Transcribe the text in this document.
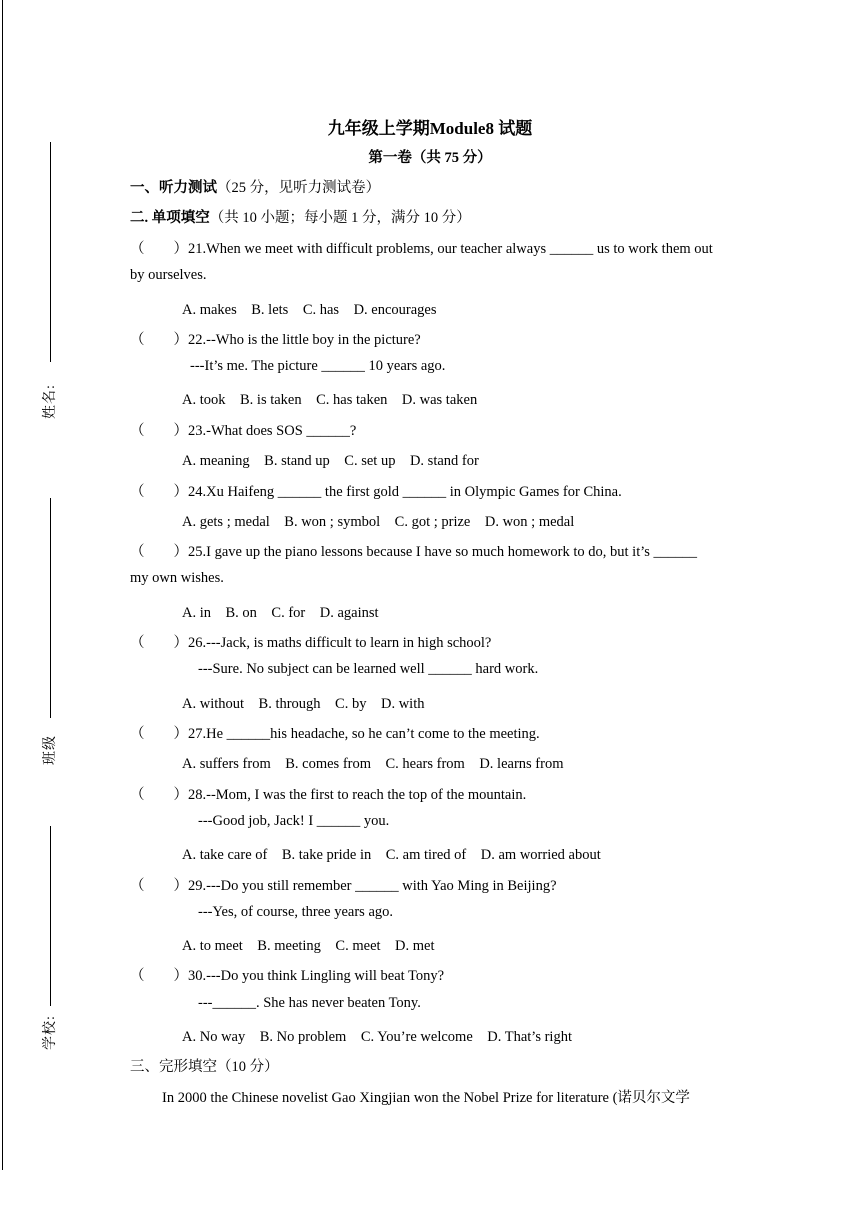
姓名:
班级
学校:
九年级上学期Module8 试题
第一卷（共 75 分）
一、听力测试（25 分，见听力测试卷）
二. 单项填空（共 10 小题；每小题 1 分，满分 10 分）
（　　）21.When we meet with difficult problems, our teacher always ______ us to work them out
by ourselves.
A. makes　B. lets　C. has　D. encourages
（　　）22.--Who is the little boy in the picture?
---It’s me. The picture ______ 10 years ago.
A. took　B. is taken　C. has taken　D. was taken
（　　）23.-What does SOS ______?
A. meaning　B. stand up　C. set up　D. stand for
（　　）24.Xu Haifeng ______ the first gold ______ in Olympic Games for China.
A. gets ; medal　B. won ; symbol　C. got ; prize　D. won ; medal
（　　）25.I gave up the piano lessons because I have so much homework to do, but it’s ______
my own wishes.
A. in　B. on　C. for　D. against
（　　）26.---Jack, is maths difficult to learn in high school?
---Sure. No subject can be learned well ______ hard work.
A. without　B. through　C. by　D. with
（　　）27.He ______his headache, so he can’t come to the meeting.
A. suffers from　B. comes from　C. hears from　D. learns from
（　　）28.--Mom, I was the first to reach the top of the mountain.
---Good job, Jack! I ______ you.
A. take care of　B. take pride in　C. am tired of　D. am worried about
（　　）29.---Do you still remember ______ with Yao Ming in Beijing?
---Yes, of course, three years ago.
A. to meet　B. meeting　C. meet　D. met
（　　）30.---Do you think Lingling will beat Tony?
---______. She has never beaten Tony.
A. No way　B. No problem　C. You’re welcome　D. That’s right
三、完形填空（10 分）
In 2000 the Chinese novelist Gao Xingjian won the Nobel Prize for literature (诺贝尔文学
